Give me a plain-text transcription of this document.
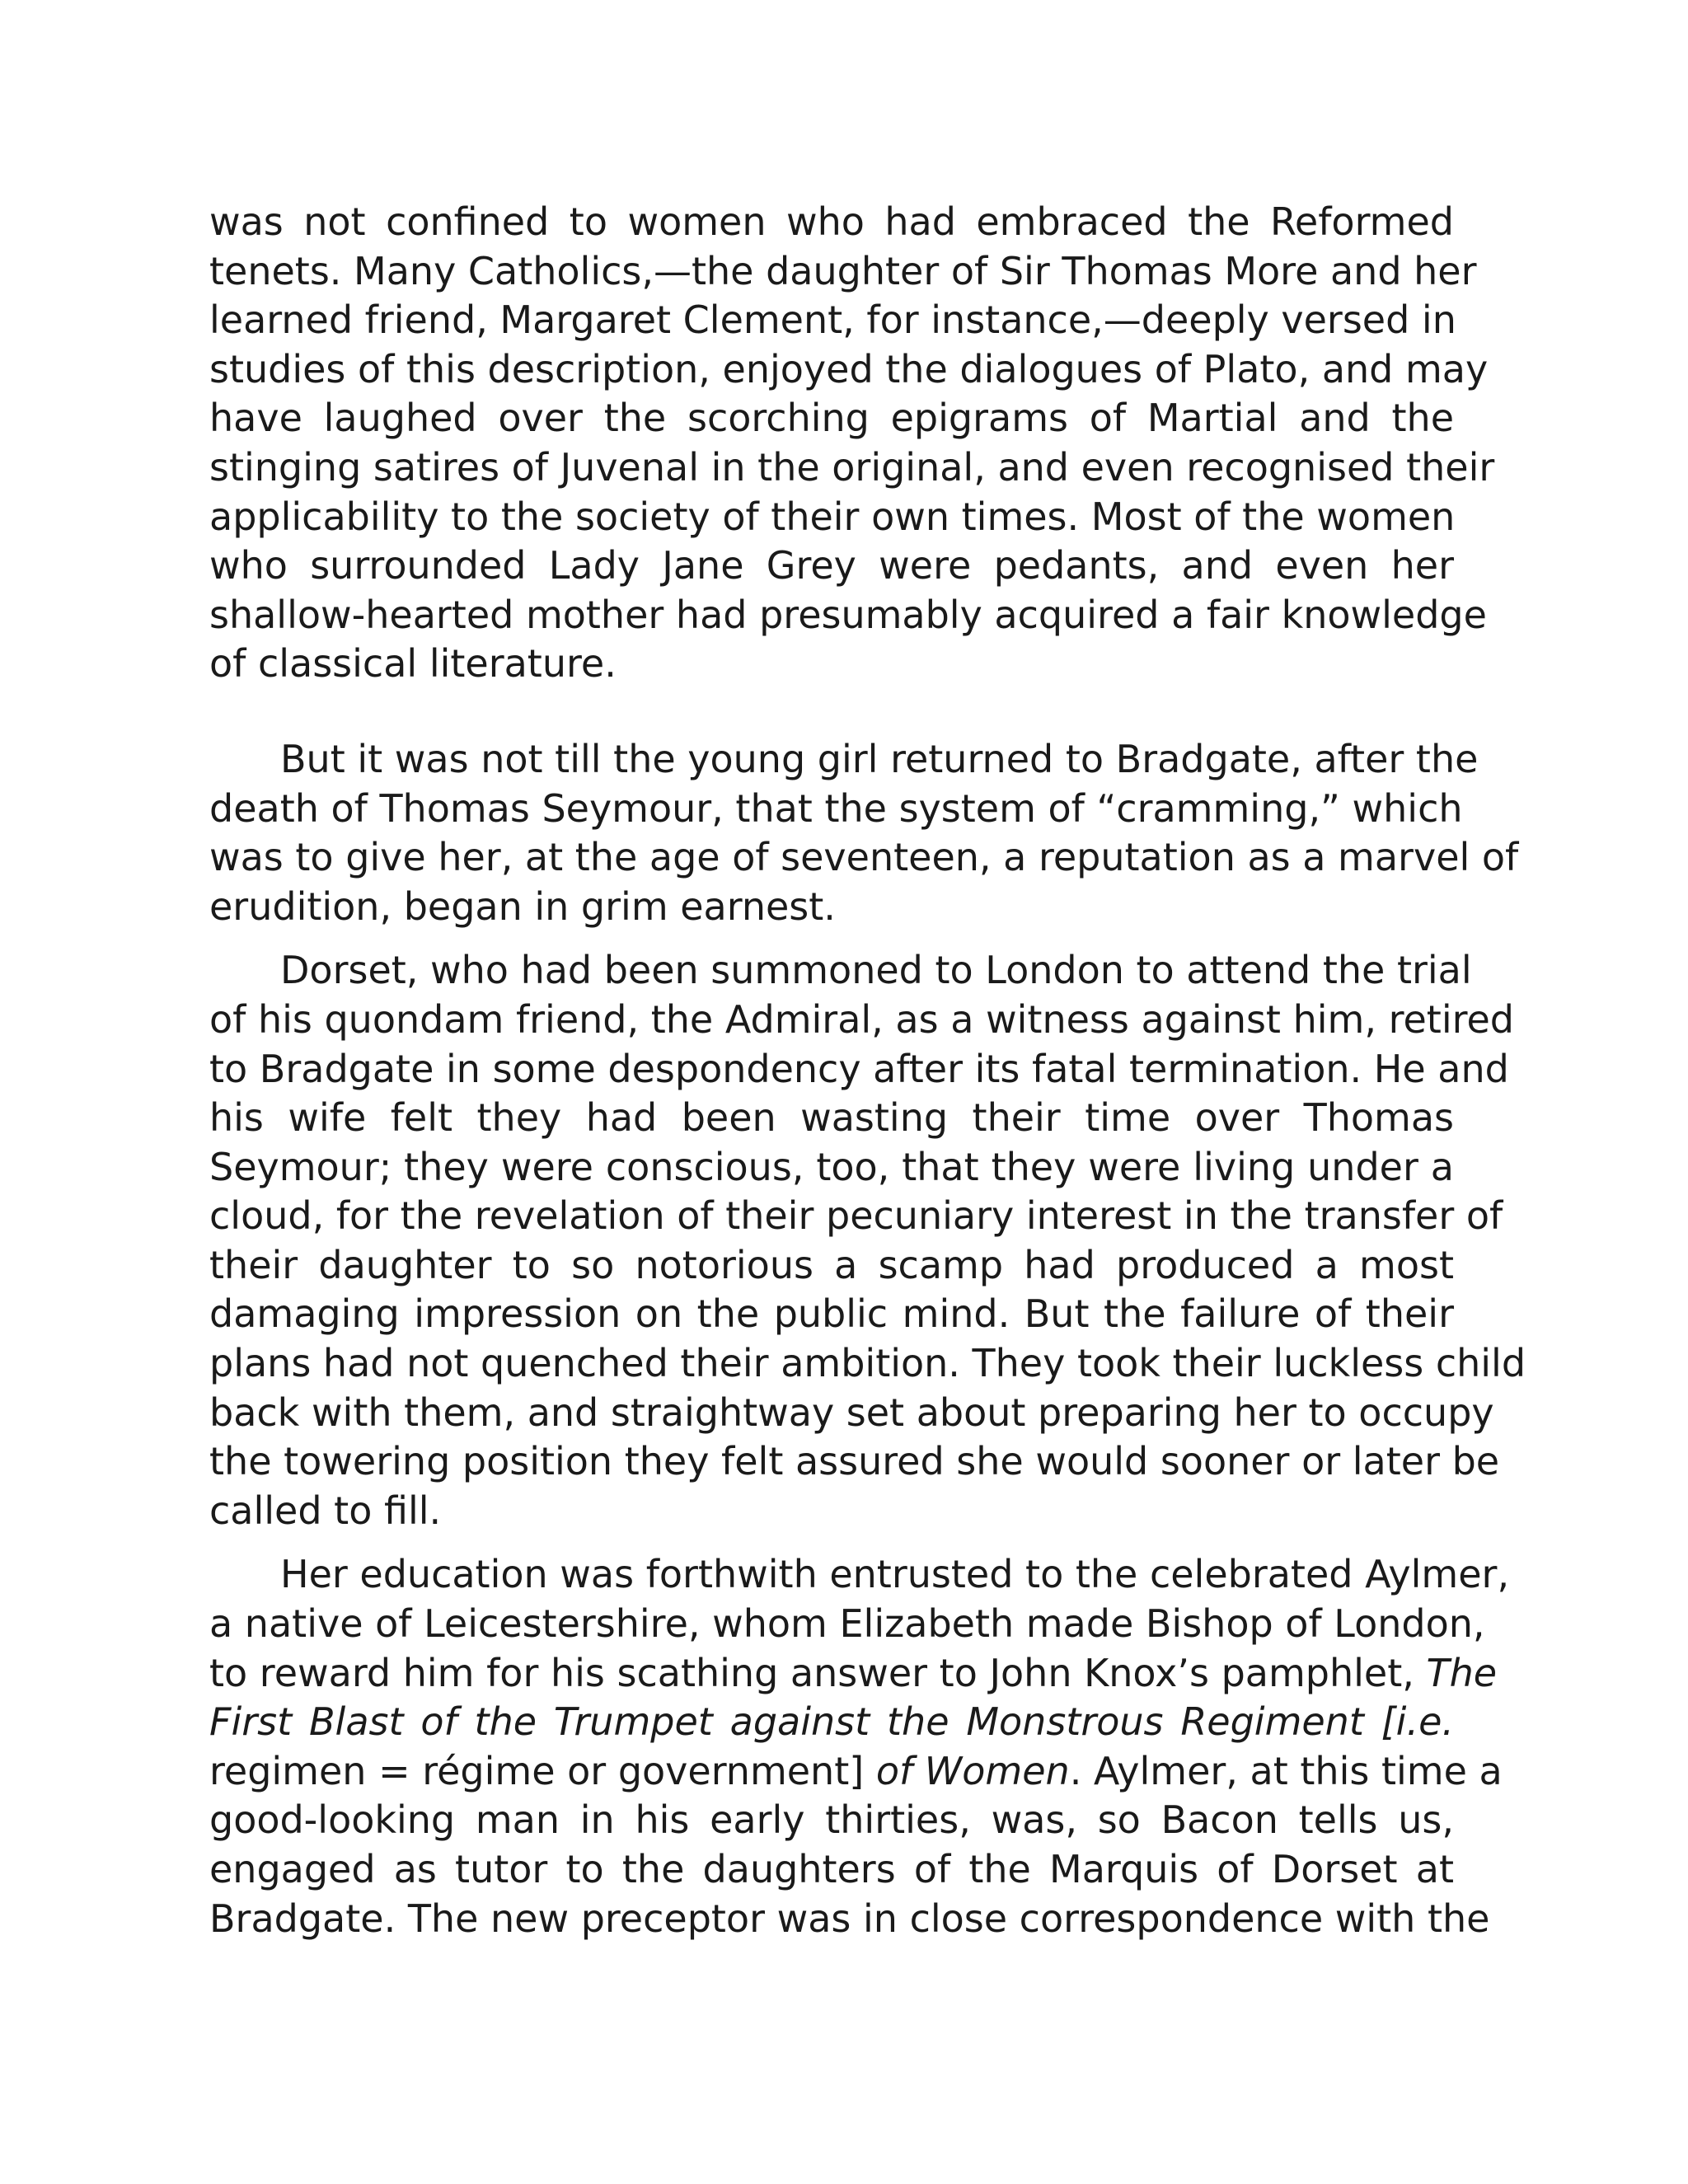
was not confined to women who had embraced the Reformed
tenets. Many Catholics,—the daughter of Sir Thomas More and her
learned friend, Margaret Clement, for instance,—deeply versed in
studies of this description, enjoyed the dialogues of Plato, and may
have laughed over the scorching epigrams of Martial and the
stinging satires of Juvenal in the original, and even recognised their
applicability to the society of their own times. Most of the women
who surrounded Lady Jane Grey were pedants, and even her
shallow-hearted mother had presumably acquired a fair knowledge
of classical literature.

But it was not till the young girl returned to Bradgate, after the
death of Thomas Seymour, that the system of “cramming,” which
was to give her, at the age of seventeen, a reputation as a marvel of
erudition, began in grim earnest.

Dorset, who had been summoned to London to attend the trial
of his quondam friend, the Admiral, as a witness against him, retired
to Bradgate in some despondency after its fatal termination. He and
his wife felt they had been wasting their time over Thomas
Seymour; they were conscious, too, that they were living under a
cloud, for the revelation of their pecuniary interest in the transfer of
their daughter to so notorious a scamp had produced a most
damaging impression on the public mind. But the failure of their
plans had not quenched their ambition. They took their luckless child
back with them, and straightway set about preparing her to occupy
the towering position they felt assured she would sooner or later be
called to fill.

Her education was forthwith entrusted to the celebrated Aylmer,
a native of Leicestershire, whom Elizabeth made Bishop of London,
to reward him for his scathing answer to John Knox’s pamphlet, The
First Blast of the Trumpet against the Monstrous Regiment [i.e.
regimen = régime or government] of Women. Aylmer, at this time a
good-looking man in his early thirties, was, so Bacon tells us,
engaged as tutor to the daughters of the Marquis of Dorset at
Bradgate. The new preceptor was in close correspondence with the
